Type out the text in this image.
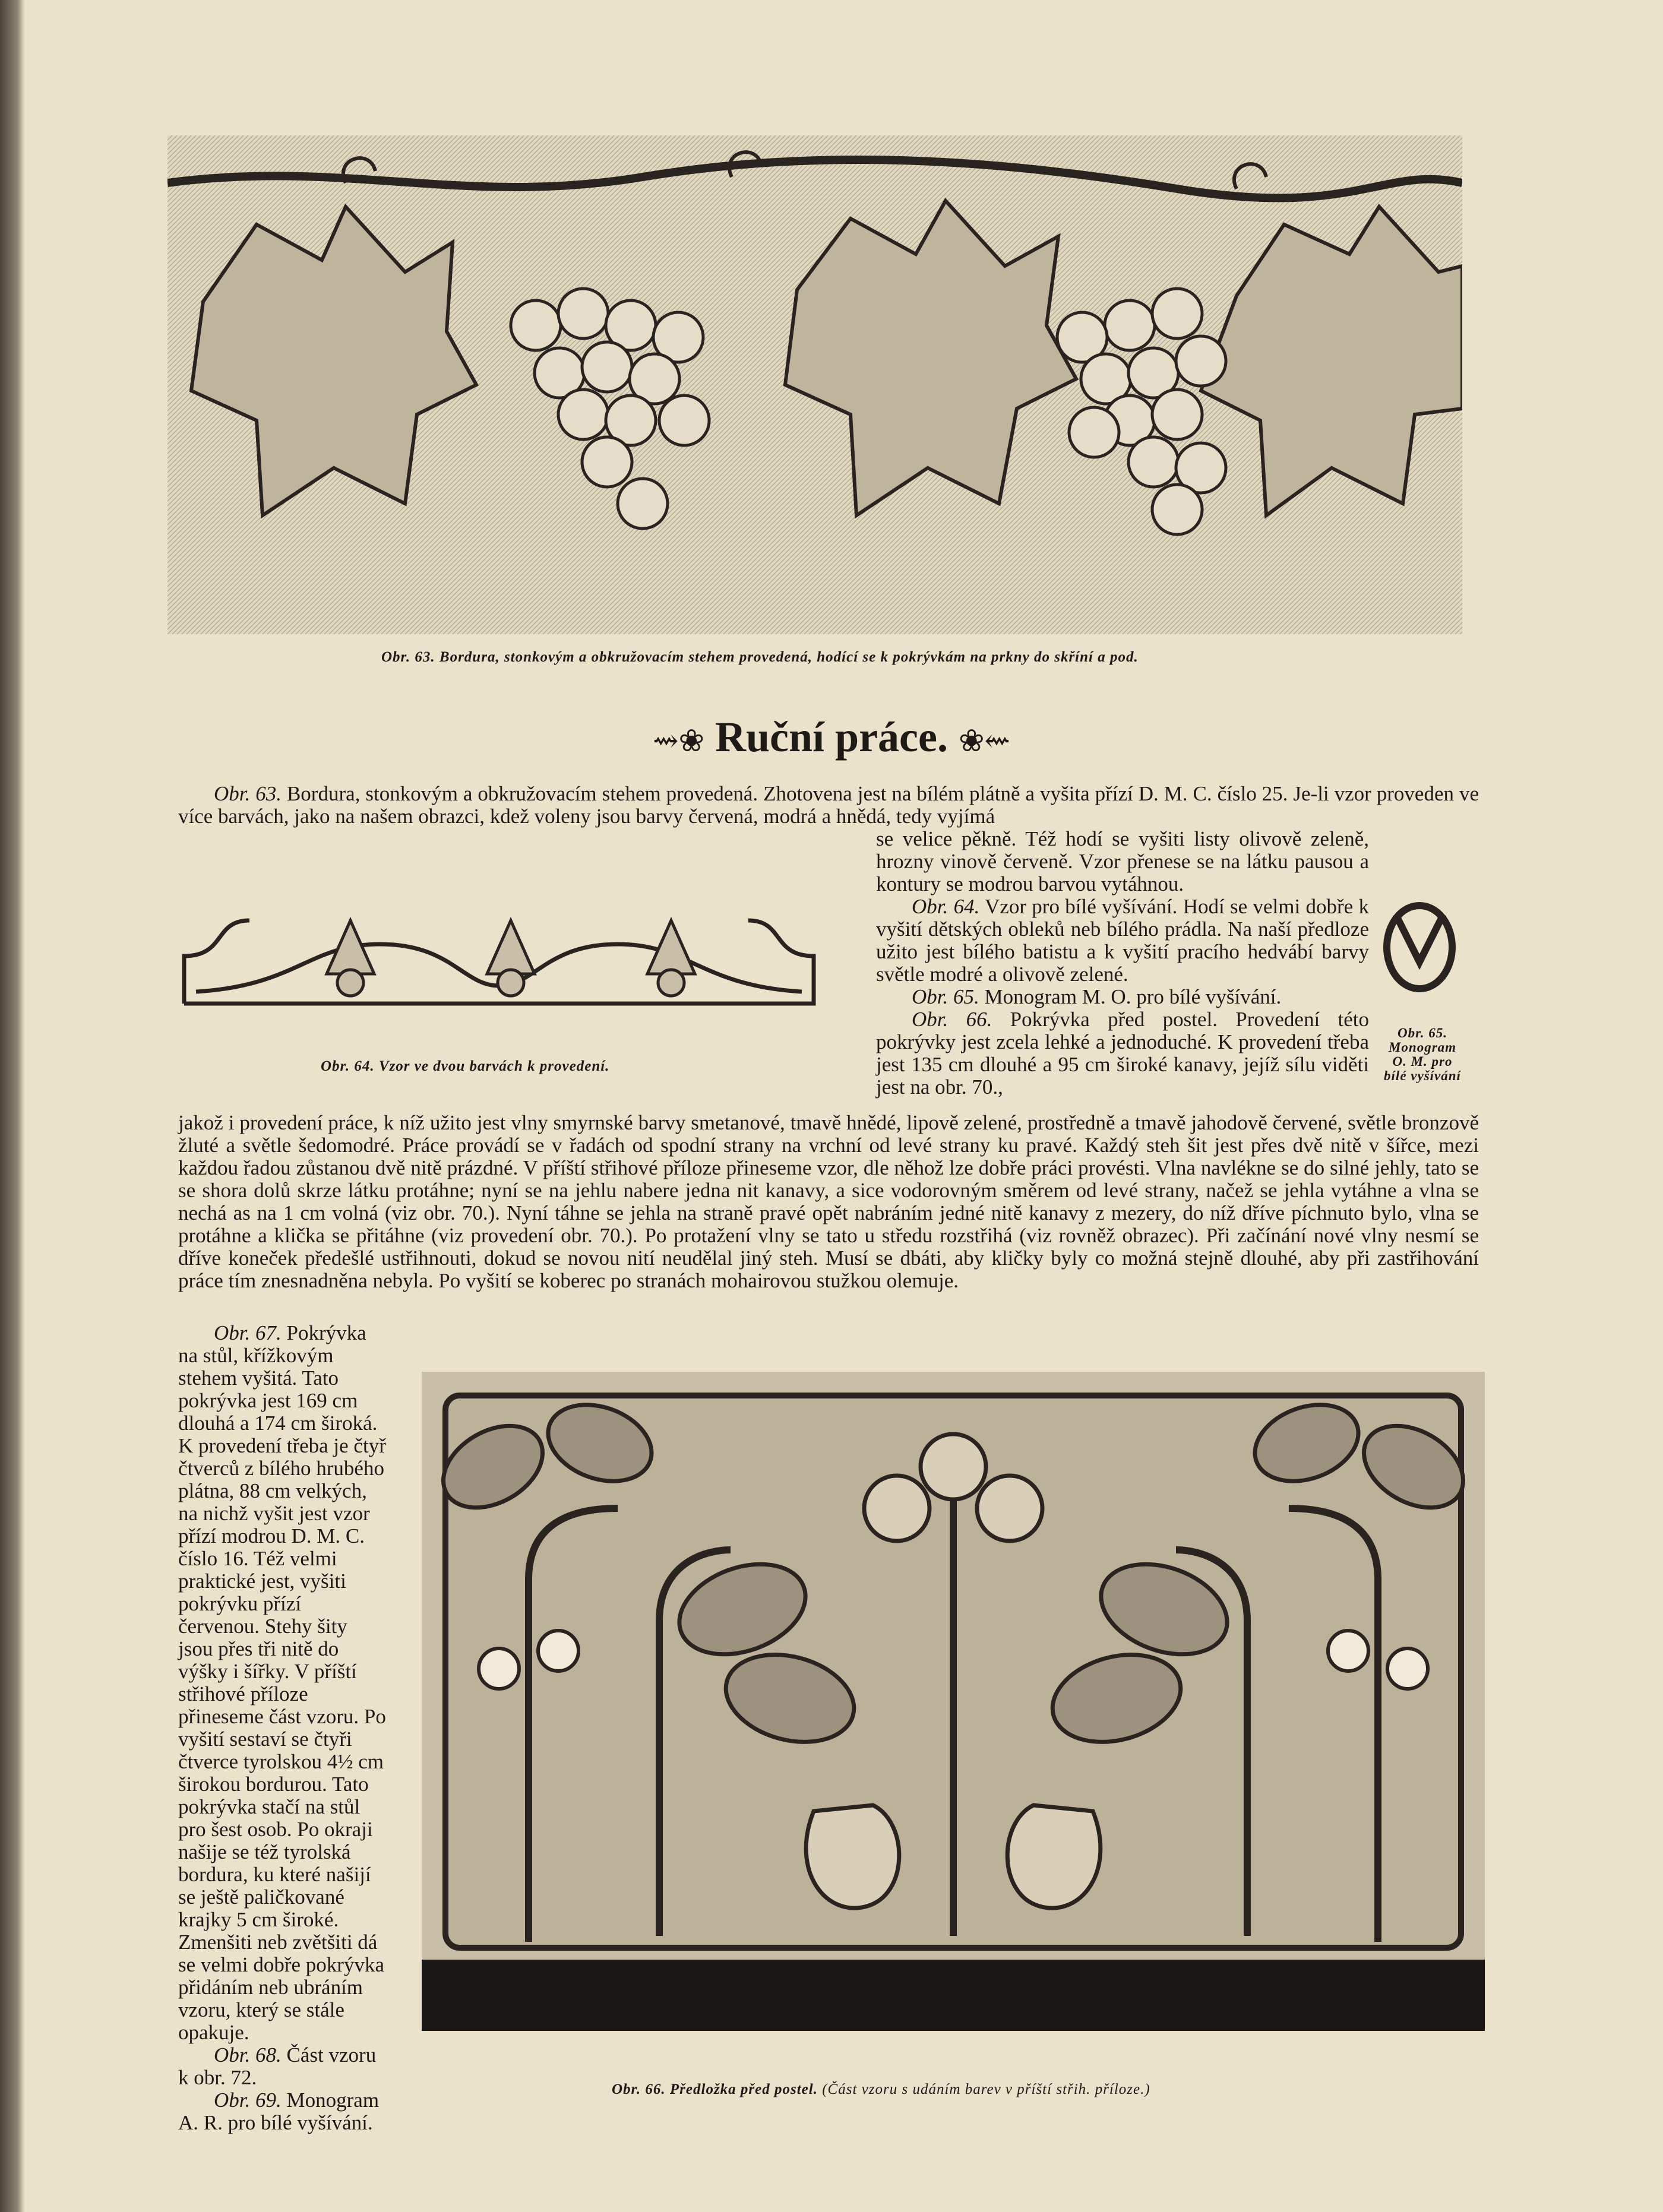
Obr. 63. Bordura, stonkovým a obkružovacím stehem provedená, hodící se k pokrývkám na prkny do skříní a pod.
⇝❀ Ruční práce. ❀⇜

Obr. 63. Bordura, stonkovým a obkružovacím stehem provedená. Zhotovena jest na bílém plátně a vyšita přízí D. M. C. číslo 25. Je-li vzor proveden ve více barvách, jako na našem obrazci, kdež voleny jsou barvy červená, modrá a hnědá, tedy vyjímá

Obr. 64. Vzor ve dvou barvách k provedení.

se velice pěkně. Též hodí se vyšiti listy olivově zeleně, hrozny vinově červeně. Vzor přenese se na látku pausou a kontury se modrou barvou vytáhnou.

Obr. 64. Vzor pro bílé vyšívání. Hodí se velmi dobře k vyšití dětských obleků neb bílého prádla. Na naší předloze užito jest bílého batistu a k vyšití pracího hedvábí barvy světle modré a olivově zelené.

Obr. 65. Monogram M. O. pro bílé vyšívání.

Obr. 66. Pokrývka před postel. Provedení této pokrývky jest zcela lehké a jednoduché. K provedení třeba jest 135 cm dlouhé a 95 cm široké kanavy, jejíž sílu viděti jest na obr. 70.,

Obr. 65.
Monogram
O. M. pro
bílé vyšívání

jakož i provedení práce, k níž užito jest vlny smyrnské barvy smetanové, tmavě hnědé, lipově zelené, prostředně a tmavě jahodově červené, světle bronzově žluté a světle šedomodré. Práce provádí se v řadách od spodní strany na vrchní od levé strany ku pravé. Každý steh šit jest přes dvě nitě v šířce, mezi každou řadou zůstanou dvě nitě prázdné. V příští střihové příloze přineseme vzor, dle něhož lze dobře práci provésti. Vlna navlékne se do silné jehly, tato se se shora dolů skrze látku protáhne; nyní se na jehlu nabere jedna nit kanavy, a sice vodorovným směrem od levé strany, načež se jehla vytáhne a vlna se nechá as na 1 cm volná (viz obr. 70.). Nyní táhne se jehla na straně pravé opět nabráním jedné nitě kanavy z mezery, do níž dříve píchnuto bylo, vlna se protáhne a klička se přitáhne (viz provedení obr. 70.). Po protažení vlny se tato u středu rozstřihá (viz rovněž obrazec). Při začínání nové vlny nesmí se dříve koneček předešlé ustřihnouti, dokud se novou nití neudělal jiný steh. Musí se dbáti, aby kličky byly co možná stejně dlouhé, aby při zastřihování práce tím znesnadněna nebyla. Po vyšití se koberec po stranách mohairovou stužkou olemuje.

Obr. 67. Pokrývka na stůl, křížkovým stehem vyšitá. Tato pokrývka jest 169 cm dlouhá a 174 cm široká. K provedení třeba je čtyř čtverců z bílého hrubého plátna, 88 cm velkých, na nichž vyšit jest vzor přízí modrou D. M. C. číslo 16. Též velmi praktické jest, vyšiti pokrývku přízí červenou. Stehy šity jsou přes tři nitě do výšky i šířky. V příští střihové příloze přineseme část vzoru. Po vyšití sestaví se čtyři čtverce tyrolskou 4½ cm širokou bordurou. Tato pokrývka stačí na stůl pro šest osob. Po okraji našije se též tyrolská bordura, ku které našijí se ještě paličkované krajky 5 cm široké. Zmenšiti neb zvětšiti dá se velmi dobře pokrývka přidáním neb ubráním vzoru, který se stále opakuje.

Obr. 68. Část vzoru k obr. 72.

Obr. 69. Monogram A. R. pro bílé vyšívání.

Obr. 66. Předložka před postel. (Část vzoru s udáním barev v příští střih. příloze.)
